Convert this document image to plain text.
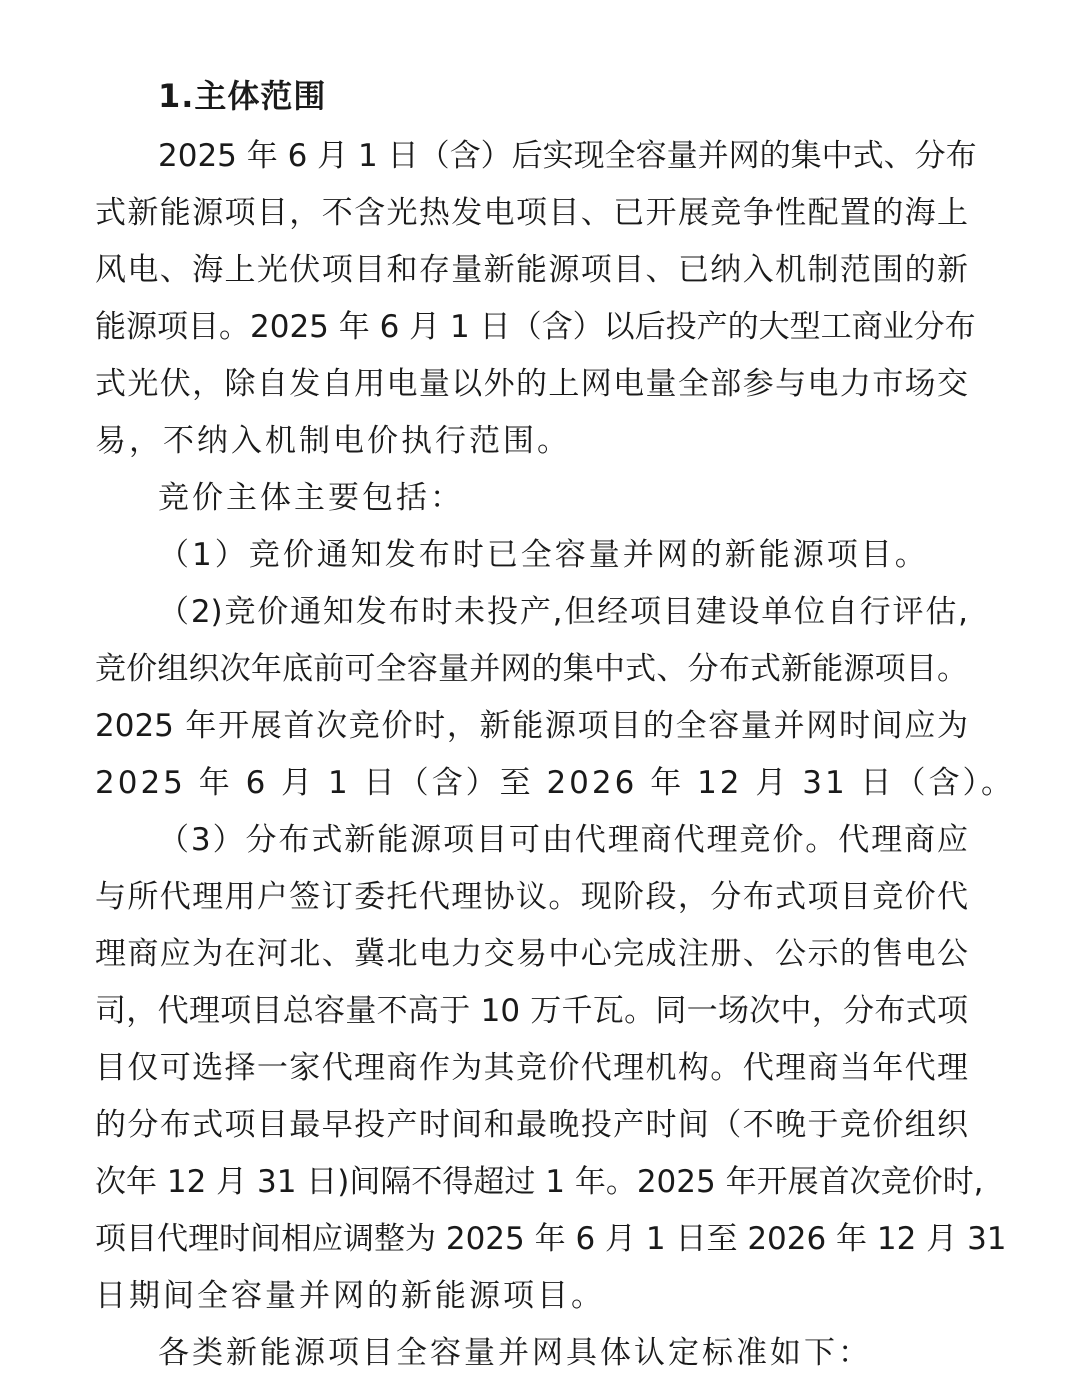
1.主体范围
2025 年 6 月 1 日（含）后实现全容量并网的集中式、分布
式新能源项目，不含光热发电项目、已开展竞争性配置的海上
风电、海上光伏项目和存量新能源项目、已纳入机制范围的新
能源项目。2025 年 6 月 1 日（含）以后投产的大型工商业分布
式光伏，除自发自用电量以外的上网电量全部参与电力市场交
易，不纳入机制电价执行范围。
竞价主体主要包括：
（1）竞价通知发布时已全容量并网的新能源项目。
（2)竞价通知发布时未投产,但经项目建设单位自行评估,
竞价组织次年底前可全容量并网的集中式、分布式新能源项目。
2025 年开展首次竞价时，新能源项目的全容量并网时间应为
2025 年 6 月 1 日（含）至 2026 年 12 月 31 日（含）。
（3）分布式新能源项目可由代理商代理竞价。代理商应
与所代理用户签订委托代理协议。现阶段，分布式项目竞价代
理商应为在河北、冀北电力交易中心完成注册、公示的售电公
司，代理项目总容量不高于 10 万千瓦。同一场次中，分布式项
目仅可选择一家代理商作为其竞价代理机构。代理商当年代理
的分布式项目最早投产时间和最晚投产时间（不晚于竞价组织
次年 12 月 31 日)间隔不得超过 1 年。2025 年开展首次竞价时,
项目代理时间相应调整为 2025 年 6 月 1 日至 2026 年 12 月 31
日期间全容量并网的新能源项目。
各类新能源项目全容量并网具体认定标准如下：
